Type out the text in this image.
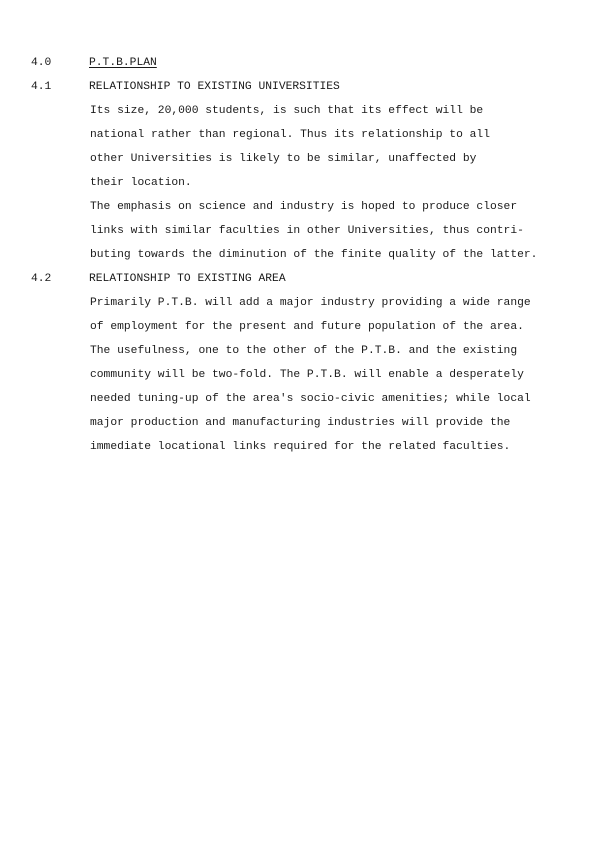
4.0	P.T.B.PLAN
4.1	RELATIONSHIP TO EXISTING UNIVERSITIES
Its size, 20,000 students, is such that its effect will be
national rather than regional. Thus its relationship to all
other Universities is likely to be similar, unaffected by
their location.
The emphasis on science and industry is hoped to produce closer
links with similar faculties in other Universities, thus contri-
buting towards the diminution of the finite quality of the latter.
4.2	RELATIONSHIP TO EXISTING AREA
Primarily P.T.B. will add a major industry providing a wide range
of employment for the present and future population of the area.
The usefulness, one to the other of the P.T.B. and the existing
community will be two-fold. The P.T.B. will enable a desperately
needed tuning-up of the area's socio-civic amenities; while local
major production and manufacturing industries will provide the
immediate locational links required for the related faculties.
